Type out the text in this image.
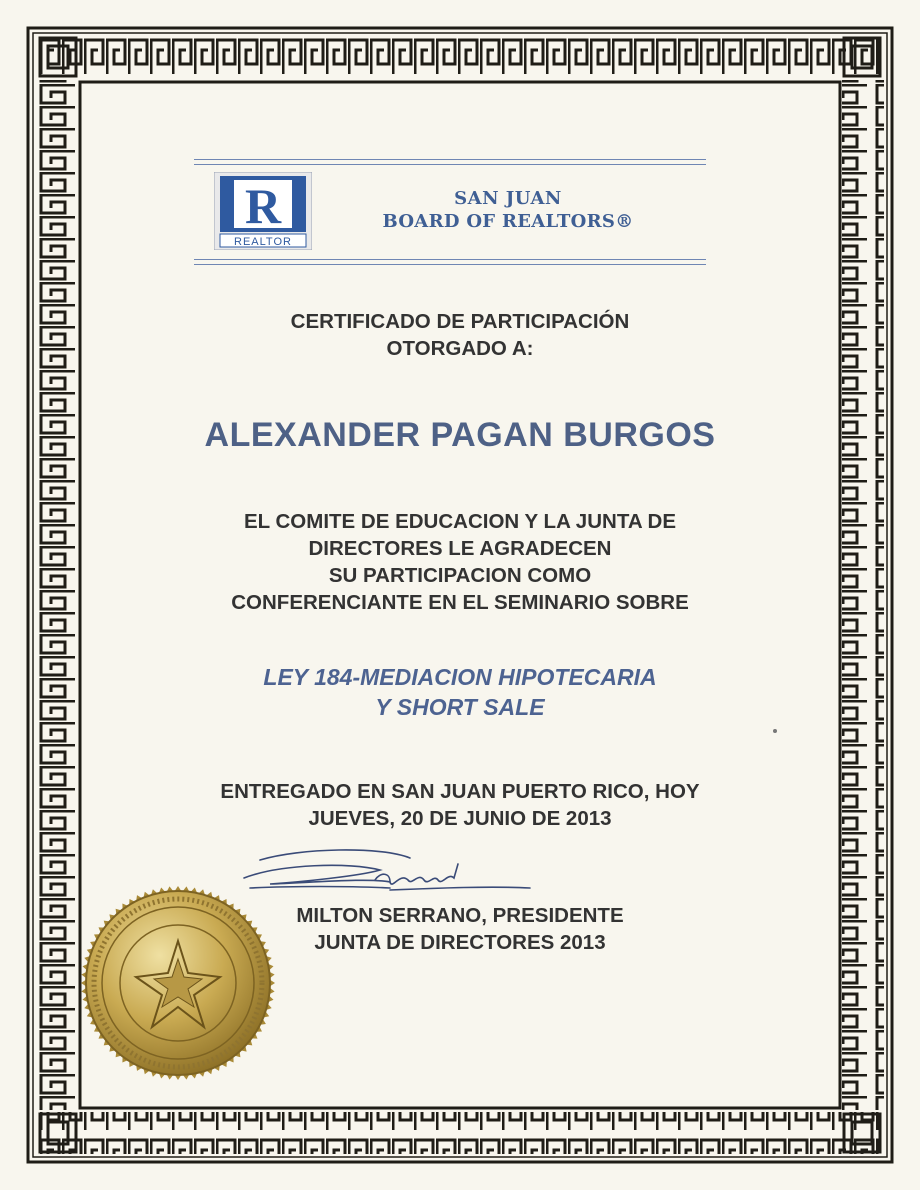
R
REALTOR
SAN JUAN
BOARD OF REALTORS®
CERTIFICADO DE PARTICIPACIÓN
OTORGADO A:
ALEXANDER PAGAN BURGOS
EL COMITE DE EDUCACION Y LA JUNTA DE
DIRECTORES LE AGRADECEN
SU PARTICIPACION COMO
CONFERENCIANTE EN EL SEMINARIO SOBRE
LEY 184-MEDIACION HIPOTECARIA
Y SHORT SALE
ENTREGADO EN SAN JUAN PUERTO RICO, HOY
JUEVES, 20 DE JUNIO DE 2013
MILTON SERRANO, PRESIDENTE
JUNTA DE DIRECTORES 2013
